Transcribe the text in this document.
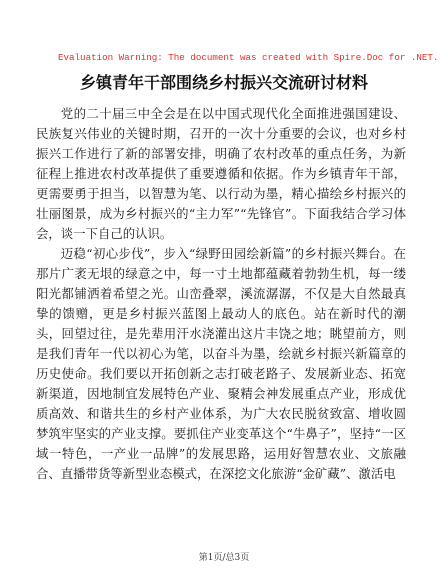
Evaluation Warning: The document was created with Spire.Doc for .NET.
乡镇青年干部围绕乡村振兴交流研讨材料

党的二十届三中全会是在以中国式现代化全面推进强国建设、民族复兴伟业的关键时期，召开的一次十分重要的会议，也对乡村振兴工作进行了新的部署安排，明确了农村改革的重点任务，为新征程上推进农村改革提供了重要遵循和依据。作为乡镇青年干部，更需要勇于担当，以智慧为笔、以行动为墨，精心描绘乡村振兴的壮丽图景，成为乡村振兴的“主力军”“先锋官”。下面我结合学习体会，谈一下自己的认识。

迈稳“初心步伐”，步入“绿野田园绘新篇”的乡村振兴舞台。在那片广袤无垠的绿意之中，每一寸土地都蕴藏着勃勃生机，每一缕阳光都铺洒着希望之光。山峦叠翠，溪流潺潺，不仅是大自然最真挚的馈赠，更是乡村振兴蓝图上最动人的底色。站在新时代的潮头，回望过往，是先辈用汗水浇灌出这片丰饶之地；眺望前方，则是我们青年一代以初心为笔，以奋斗为墨，绘就乡村振兴新篇章的历史使命。我们要以开拓创新之志打破老路子、发展新业态、拓宽新渠道，因地制宜发展特色产业、聚精会神发展重点产业，形成优质高效、和谐共生的乡村产业体系，为广大农民脱贫致富、增收圆梦筑牢坚实的产业支撑。要抓住产业变革这个“牛鼻子”，坚持“一区域一特色，一产业一品牌”的发展思路，运用好智慧农业、文旅融合、直播带货等新型业态模式，在深挖文化旅游“金矿藏”、激活电

第1页/总3页
